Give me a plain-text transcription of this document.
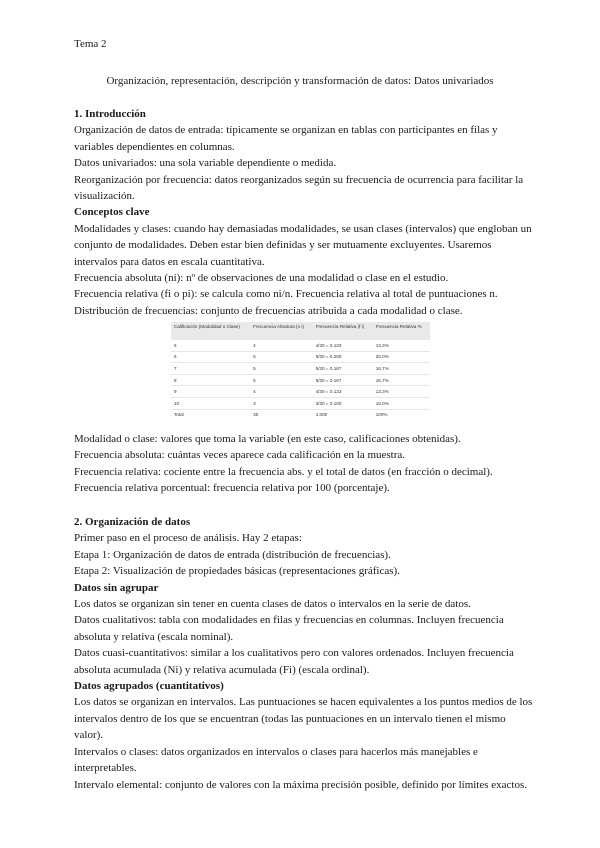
Tema 2
Organización, representación, descripción y transformación de datos: Datos univariados

1. Introducción

Organización de datos de entrada: típicamente se organizan en tablas con participantes en filas y variables dependientes en columnas.

Datos univariados: una sola variable dependiente o medida.

Reorganización por frecuencia: datos reorganizados según su frecuencia de ocurrencia para facilitar la visualización.

Conceptos clave

Modalidades y clases: cuando hay demasiadas modalidades, se usan clases (intervalos) que engloban un conjunto de modalidades. Deben estar bien definidas y ser mutuamente excluyentes. Usaremos intervalos para datos en escala cuantitativa.

Frecuencia absoluta (ni): nº de observaciones de una modalidad o clase en el estudio.

Frecuencia relativa (fi o pi): se calcula como ni/n. Frecuencia relativa al total de puntuaciones n.

Distribución de frecuencias: conjunto de frecuencias atribuida a cada modalidad o clase.

Calificación (Modalidad o Clase)	Frecuencia Absoluta (n i)	Frecuencia Relativa (f i)	Frecuencia Relativa %
5	4	4/30 = 0.133	13,3%
6	6	6/30 = 0.200	20,0%
7	5	5/30 = 0.167	16,7%
8	5	5/30 = 0.167	16,7%
9	4	4/30 = 0.133	13,3%
10	3	3/30 = 0.100	10,0%
Total	30	1.000	100%

Modalidad o clase: valores que toma la variable (en este caso, calificaciones obtenidas).

Frecuencia absoluta: cuántas veces aparece cada calificación en la muestra.

Frecuencia relativa: cociente entre la frecuencia abs. y el total de datos (en fracción o decimal).

Frecuencia relativa porcentual: frecuencia relativa por 100 (porcentaje).

2. Organización de datos

Primer paso en el proceso de análisis. Hay 2 etapas:

Etapa 1: Organización de datos de entrada (distribución de frecuencias).

Etapa 2: Visualización de propiedades básicas (representaciones gráficas).

Datos sin agrupar

Los datos se organizan sin tener en cuenta clases de datos o intervalos en la serie de datos.

Datos cualitativos: tabla con modalidades en filas y frecuencias en columnas. Incluyen frecuencia absoluta y relativa (escala nominal).

Datos cuasi-cuantitativos: similar a los cualitativos pero con valores ordenados. Incluyen frecuencia absoluta acumulada (Ni) y relativa acumulada (Fi) (escala ordinal).

Datos agrupados (cuantitativos)

Los datos se organizan en intervalos. Las puntuaciones se hacen equivalentes a los puntos medios de los intervalos dentro de los que se encuentran (todas las puntuaciones en un intervalo tienen el mismo valor).

Intervalos o clases: datos organizados en intervalos o clases para hacerlos más manejables e interpretables.

Intervalo elemental: conjunto de valores con la máxima precisión posible, definido por límites exactos.
